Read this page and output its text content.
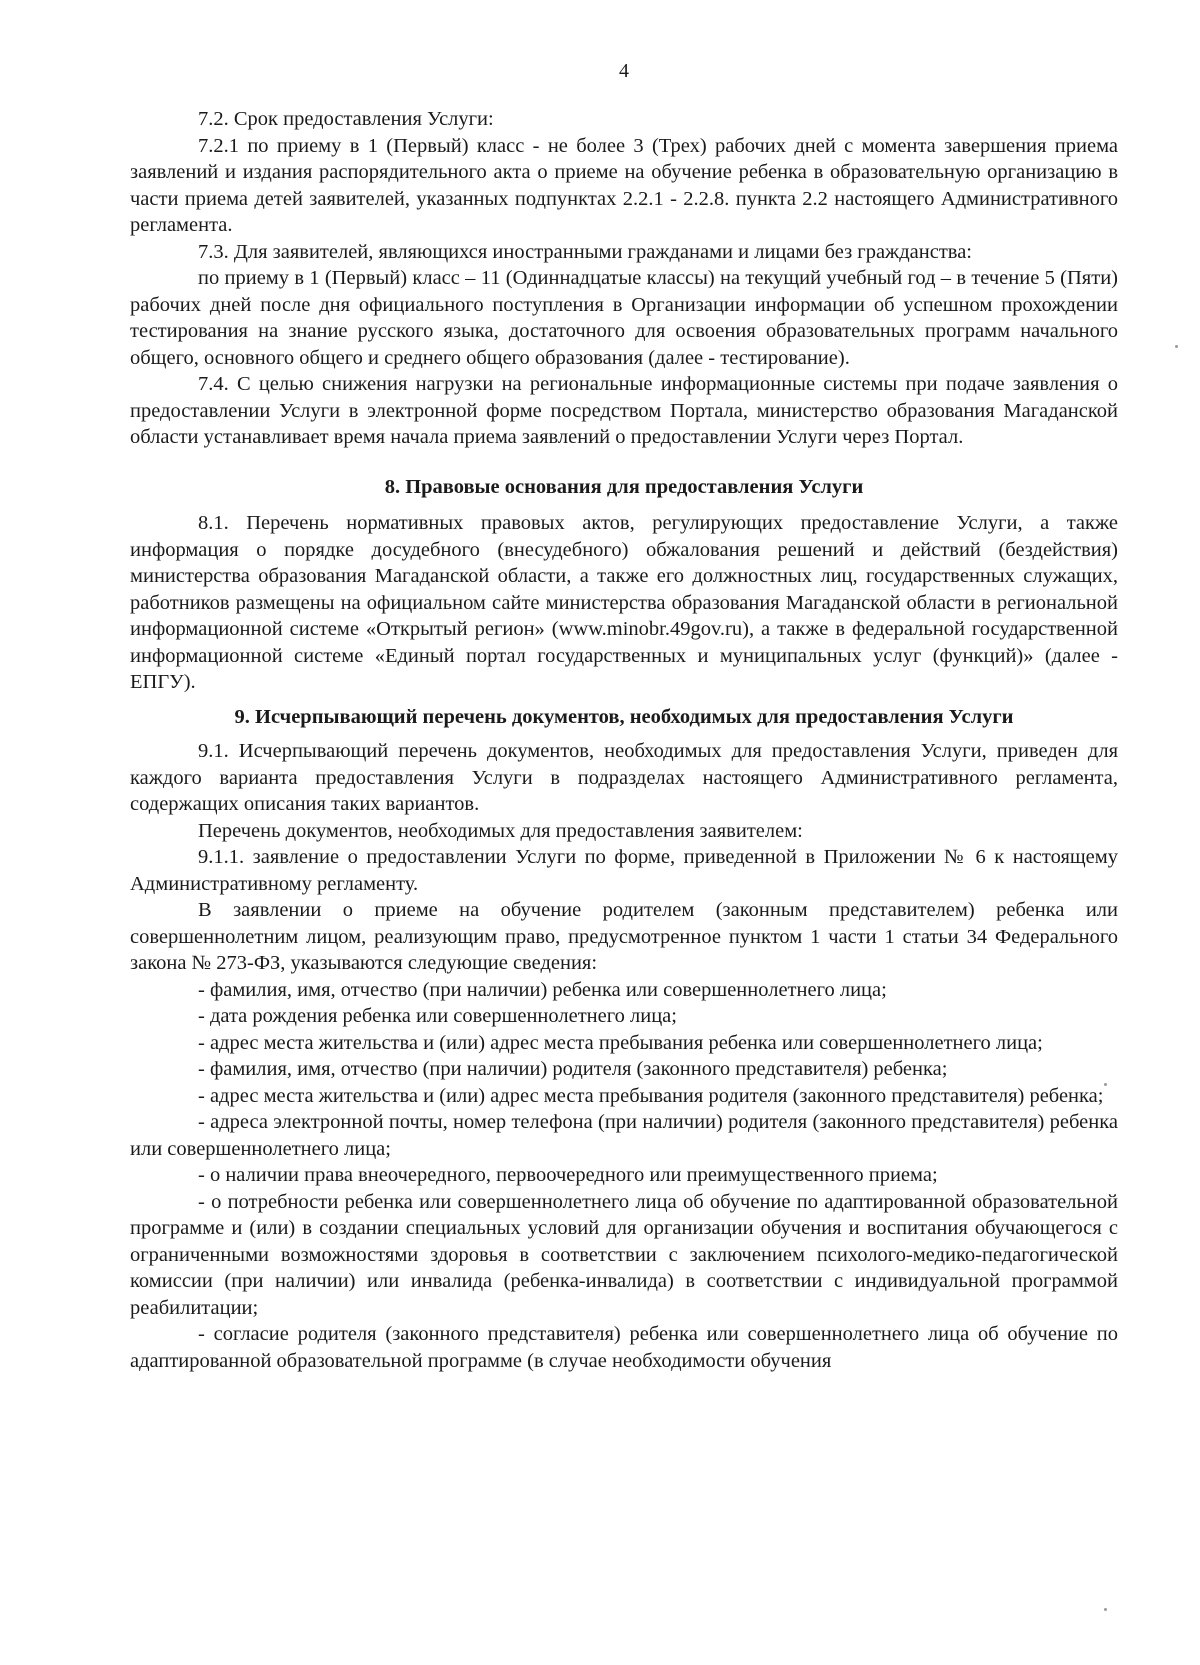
4

7.2. Срок предоставления Услуги:

7.2.1 по приему в 1 (Первый) класс - не более 3 (Трех) рабочих дней с момента завершения приема заявлений и издания распорядительного акта о приеме на обучение ребенка в образовательную организацию в части приема детей заявителей, указанных подпунктах 2.2.1 - 2.2.8. пункта 2.2 настоящего Административного регламента.

7.3. Для заявителей, являющихся иностранными гражданами и лицами без гражданства:

по приему в 1 (Первый) класс – 11 (Одиннадцатые классы) на текущий учебный год – в течение 5 (Пяти) рабочих дней после дня официального поступления в Организации информации об успешном прохождении тестирования на знание русского языка, достаточного для освоения образовательных программ начального общего, основного общего и среднего общего образования (далее - тестирование).

7.4. С целью снижения нагрузки на региональные информационные системы при подаче заявления о предоставлении Услуги в электронной форме посредством Портала, министерство образования Магаданской области устанавливает время начала приема заявлений о предоставлении Услуги через Портал.

8. Правовые основания для предоставления Услуги

8.1. Перечень нормативных правовых актов, регулирующих предоставление Услуги, а также информация о порядке досудебного (внесудебного) обжалования решений и действий (бездействия) министерства образования Магаданской области, а также его должностных лиц, государственных служащих, работников размещены на официальном сайте министерства образования Магаданской области в региональной информационной системе «Открытый регион» (www.minobr.49gov.ru), а также в федеральной государственной информационной системе «Единый портал государственных и муниципальных услуг (функций)» (далее - ЕПГУ).

9. Исчерпывающий перечень документов, необходимых для предоставления Услуги

9.1. Исчерпывающий перечень документов, необходимых для предоставления Услуги, приведен для каждого варианта предоставления Услуги в подразделах настоящего Административного регламента, содержащих описания таких вариантов.

Перечень документов, необходимых для предоставления заявителем:

9.1.1. заявление о предоставлении Услуги по форме, приведенной в Приложении № 6 к настоящему Административному регламенту.

В заявлении о приеме на обучение родителем (законным представителем) ребенка или совершеннолетним лицом, реализующим право, предусмотренное пунктом 1 части 1 статьи 34 Федерального закона № 273-ФЗ, указываются следующие сведения:

- фамилия, имя, отчество (при наличии) ребенка или совершеннолетнего лица;

- дата рождения ребенка или совершеннолетнего лица;

- адрес места жительства и (или) адрес места пребывания ребенка или совершеннолетнего лица;

- фамилия, имя, отчество (при наличии) родителя (законного представителя) ребенка;

- адрес места жительства и (или) адрес места пребывания родителя (законного представителя) ребенка;

- адреса электронной почты, номер телефона (при наличии) родителя (законного представителя) ребенка или совершеннолетнего лица;

- о наличии права внеочередного, первоочередного или преимущественного приема;

- о потребности ребенка или совершеннолетнего лица об обучение по адаптированной образовательной программе и (или) в создании специальных условий для организации обучения и воспитания обучающегося с ограниченными возможностями здоровья в соответствии с заключением психолого-медико-педагогической комиссии (при наличии) или инвалида (ребенка-инвалида) в соответствии с индивидуальной программой реабилитации;

- согласие родителя (законного представителя) ребенка или совершеннолетнего лица об обучение по адаптированной образовательной программе (в случае необходимости обучения
